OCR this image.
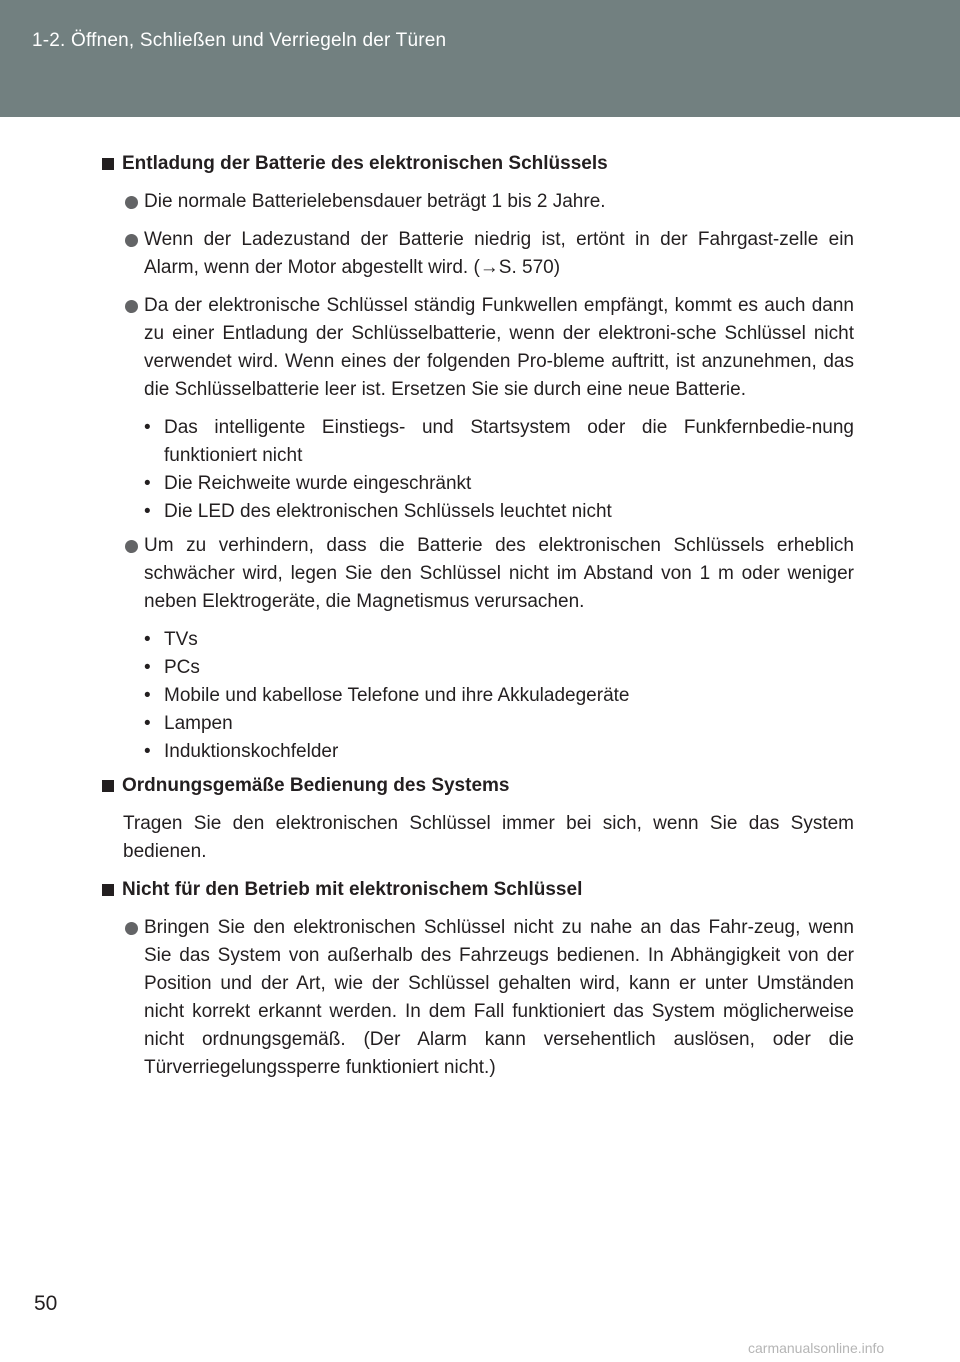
1-2. Öffnen, Schließen und Verriegeln der Türen
Entladung der Batterie des elektronischen Schlüssels
Die normale Batterielebensdauer beträgt 1 bis 2 Jahre.
Wenn der Ladezustand der Batterie niedrig ist, ertönt in der Fahrgast-zelle ein Alarm, wenn der Motor abgestellt wird. (→S. 570)
Da der elektronische Schlüssel ständig Funkwellen empfängt, kommt es auch dann zu einer Entladung der Schlüsselbatterie, wenn der elektroni-sche Schlüssel nicht verwendet wird. Wenn eines der folgenden Pro-bleme auftritt, ist anzunehmen, das die Schlüsselbatterie leer ist. Ersetzen Sie sie durch eine neue Batterie.
• Das intelligente Einstiegs- und Startsystem oder die Funkfernbedie-nung funktioniert nicht
• Die Reichweite wurde eingeschränkt
• Die LED des elektronischen Schlüssels leuchtet nicht
Um zu verhindern, dass die Batterie des elektronischen Schlüssels erheblich schwächer wird, legen Sie den Schlüssel nicht im Abstand von 1 m oder weniger neben Elektrogeräte, die Magnetismus verursachen.
• TVs
• PCs
• Mobile und kabellose Telefone und ihre Akkuladegeräte
• Lampen
• Induktionskochfelder
Ordnungsgemäße Bedienung des Systems
Tragen Sie den elektronischen Schlüssel immer bei sich, wenn Sie das System bedienen.
Nicht für den Betrieb mit elektronischem Schlüssel
Bringen Sie den elektronischen Schlüssel nicht zu nahe an das Fahr-zeug, wenn Sie das System von außerhalb des Fahrzeugs bedienen. In Abhängigkeit von der Position und der Art, wie der Schlüssel gehalten wird, kann er unter Umständen nicht korrekt erkannt werden. In dem Fall funktioniert das System möglicherweise nicht ordnungsgemäß. (Der Alarm kann versehentlich auslösen, oder die Türverriegelungssperre funktioniert nicht.)
50
carmanualsonline.info
